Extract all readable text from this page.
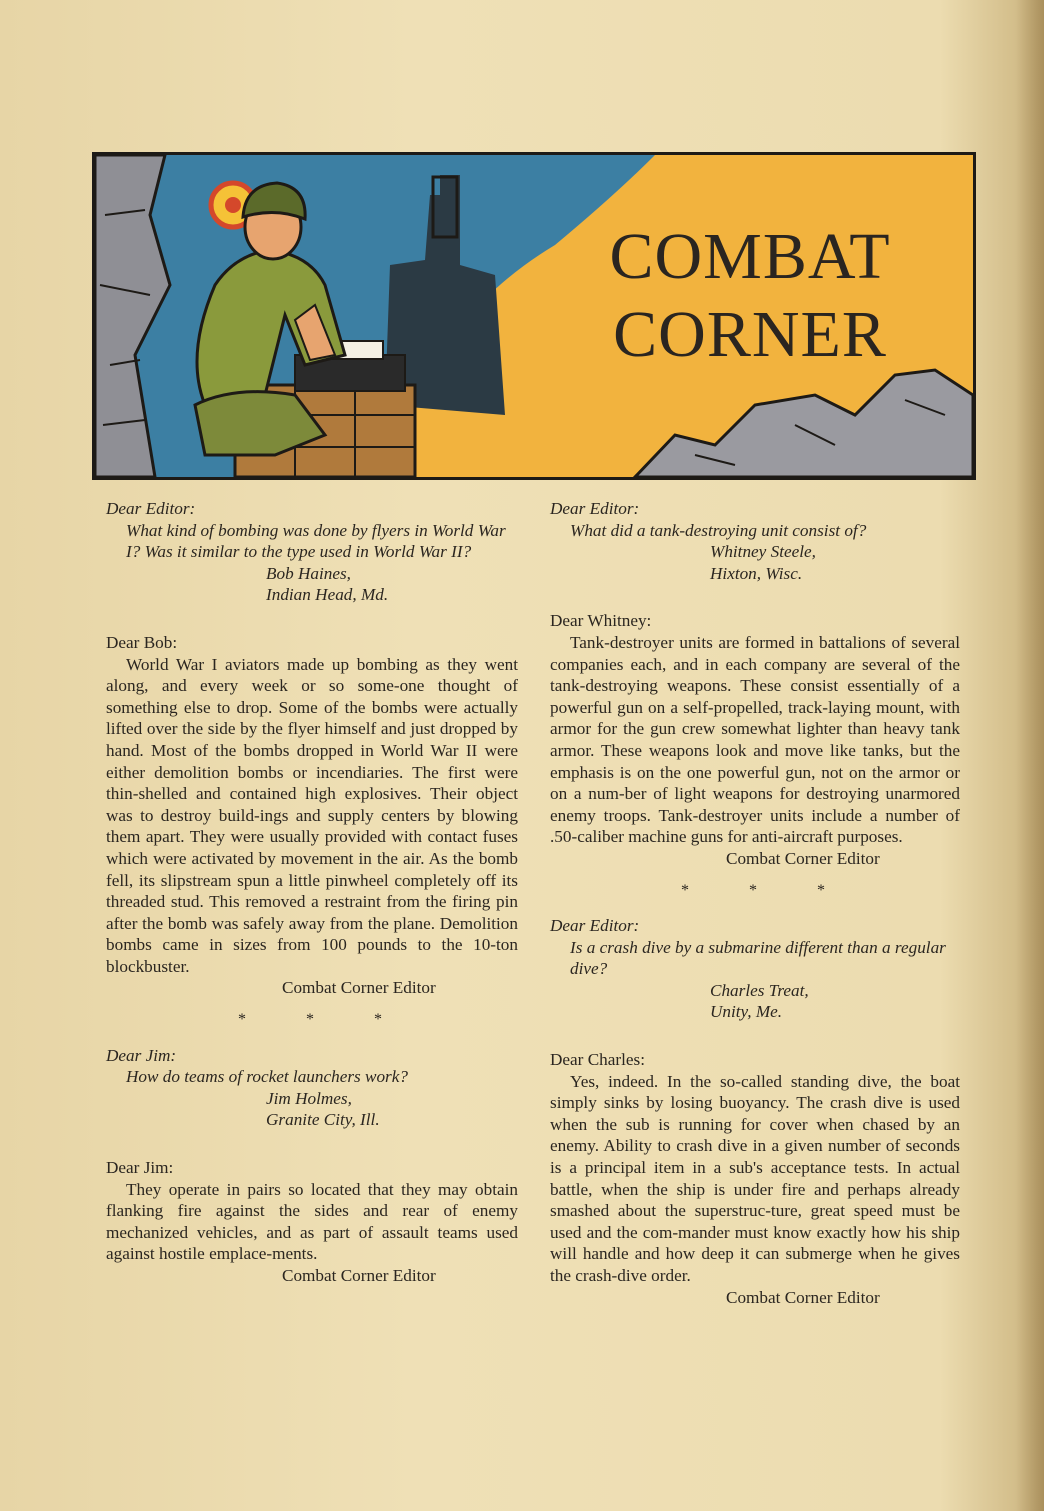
COMBAT
CORNER
Dear Editor:
What kind of bombing was done by flyers in World War I? Was it similar to the type used in World War II?
Bob Haines,
Indian Head, Md.
Dear Bob:
World War I aviators made up bombing as they went along, and every week or so some-one thought of something else to drop. Some of the bombs were actually lifted over the side by the flyer himself and just dropped by hand. Most of the bombs dropped in World War II were either demolition bombs or incendiaries. The first were thin-shelled and contained high explosives. Their object was to destroy build-ings and supply centers by blowing them apart. They were usually provided with contact fuses which were activated by movement in the air. As the bomb fell, its slipstream spun a little pinwheel completely off its threaded stud. This removed a restraint from the firing pin after the bomb was safely away from the plane. Demolition bombs came in sizes from 100 pounds to the 10-ton blockbuster.
Combat Corner Editor
* * *
Dear Jim:
How do teams of rocket launchers work?
Jim Holmes,
Granite City, Ill.
Dear Jim:
They operate in pairs so located that they may obtain flanking fire against the sides and rear of enemy mechanized vehicles, and as part of assault teams used against hostile emplace-ments.
Combat Corner Editor
Dear Editor:
What did a tank-destroying unit consist of?
Whitney Steele,
Hixton, Wisc.
Dear Whitney:
Tank-destroyer units are formed in battalions of several companies each, and in each company are several of the tank-destroying weapons. These consist essentially of a powerful gun on a self-propelled, track-laying mount, with armor for the gun crew somewhat lighter than heavy tank armor. These weapons look and move like tanks, but the emphasis is on the one powerful gun, not on the armor or on a num-ber of light weapons for destroying unarmored enemy troops. Tank-destroyer units include a number of .50-caliber machine guns for anti-aircraft purposes.
Combat Corner Editor
* * *
Dear Editor:
Is a crash dive by a submarine different than a regular dive?
Charles Treat,
Unity, Me.
Dear Charles:
Yes, indeed. In the so-called standing dive, the boat simply sinks by losing buoyancy. The crash dive is used when the sub is running for cover when chased by an enemy. Ability to crash dive in a given number of seconds is a principal item in a sub's acceptance tests. In actual battle, when the ship is under fire and perhaps already smashed about the superstruc-ture, great speed must be used and the com-mander must know exactly how his ship will handle and how deep it can submerge when he gives the crash-dive order.
Combat Corner Editor
